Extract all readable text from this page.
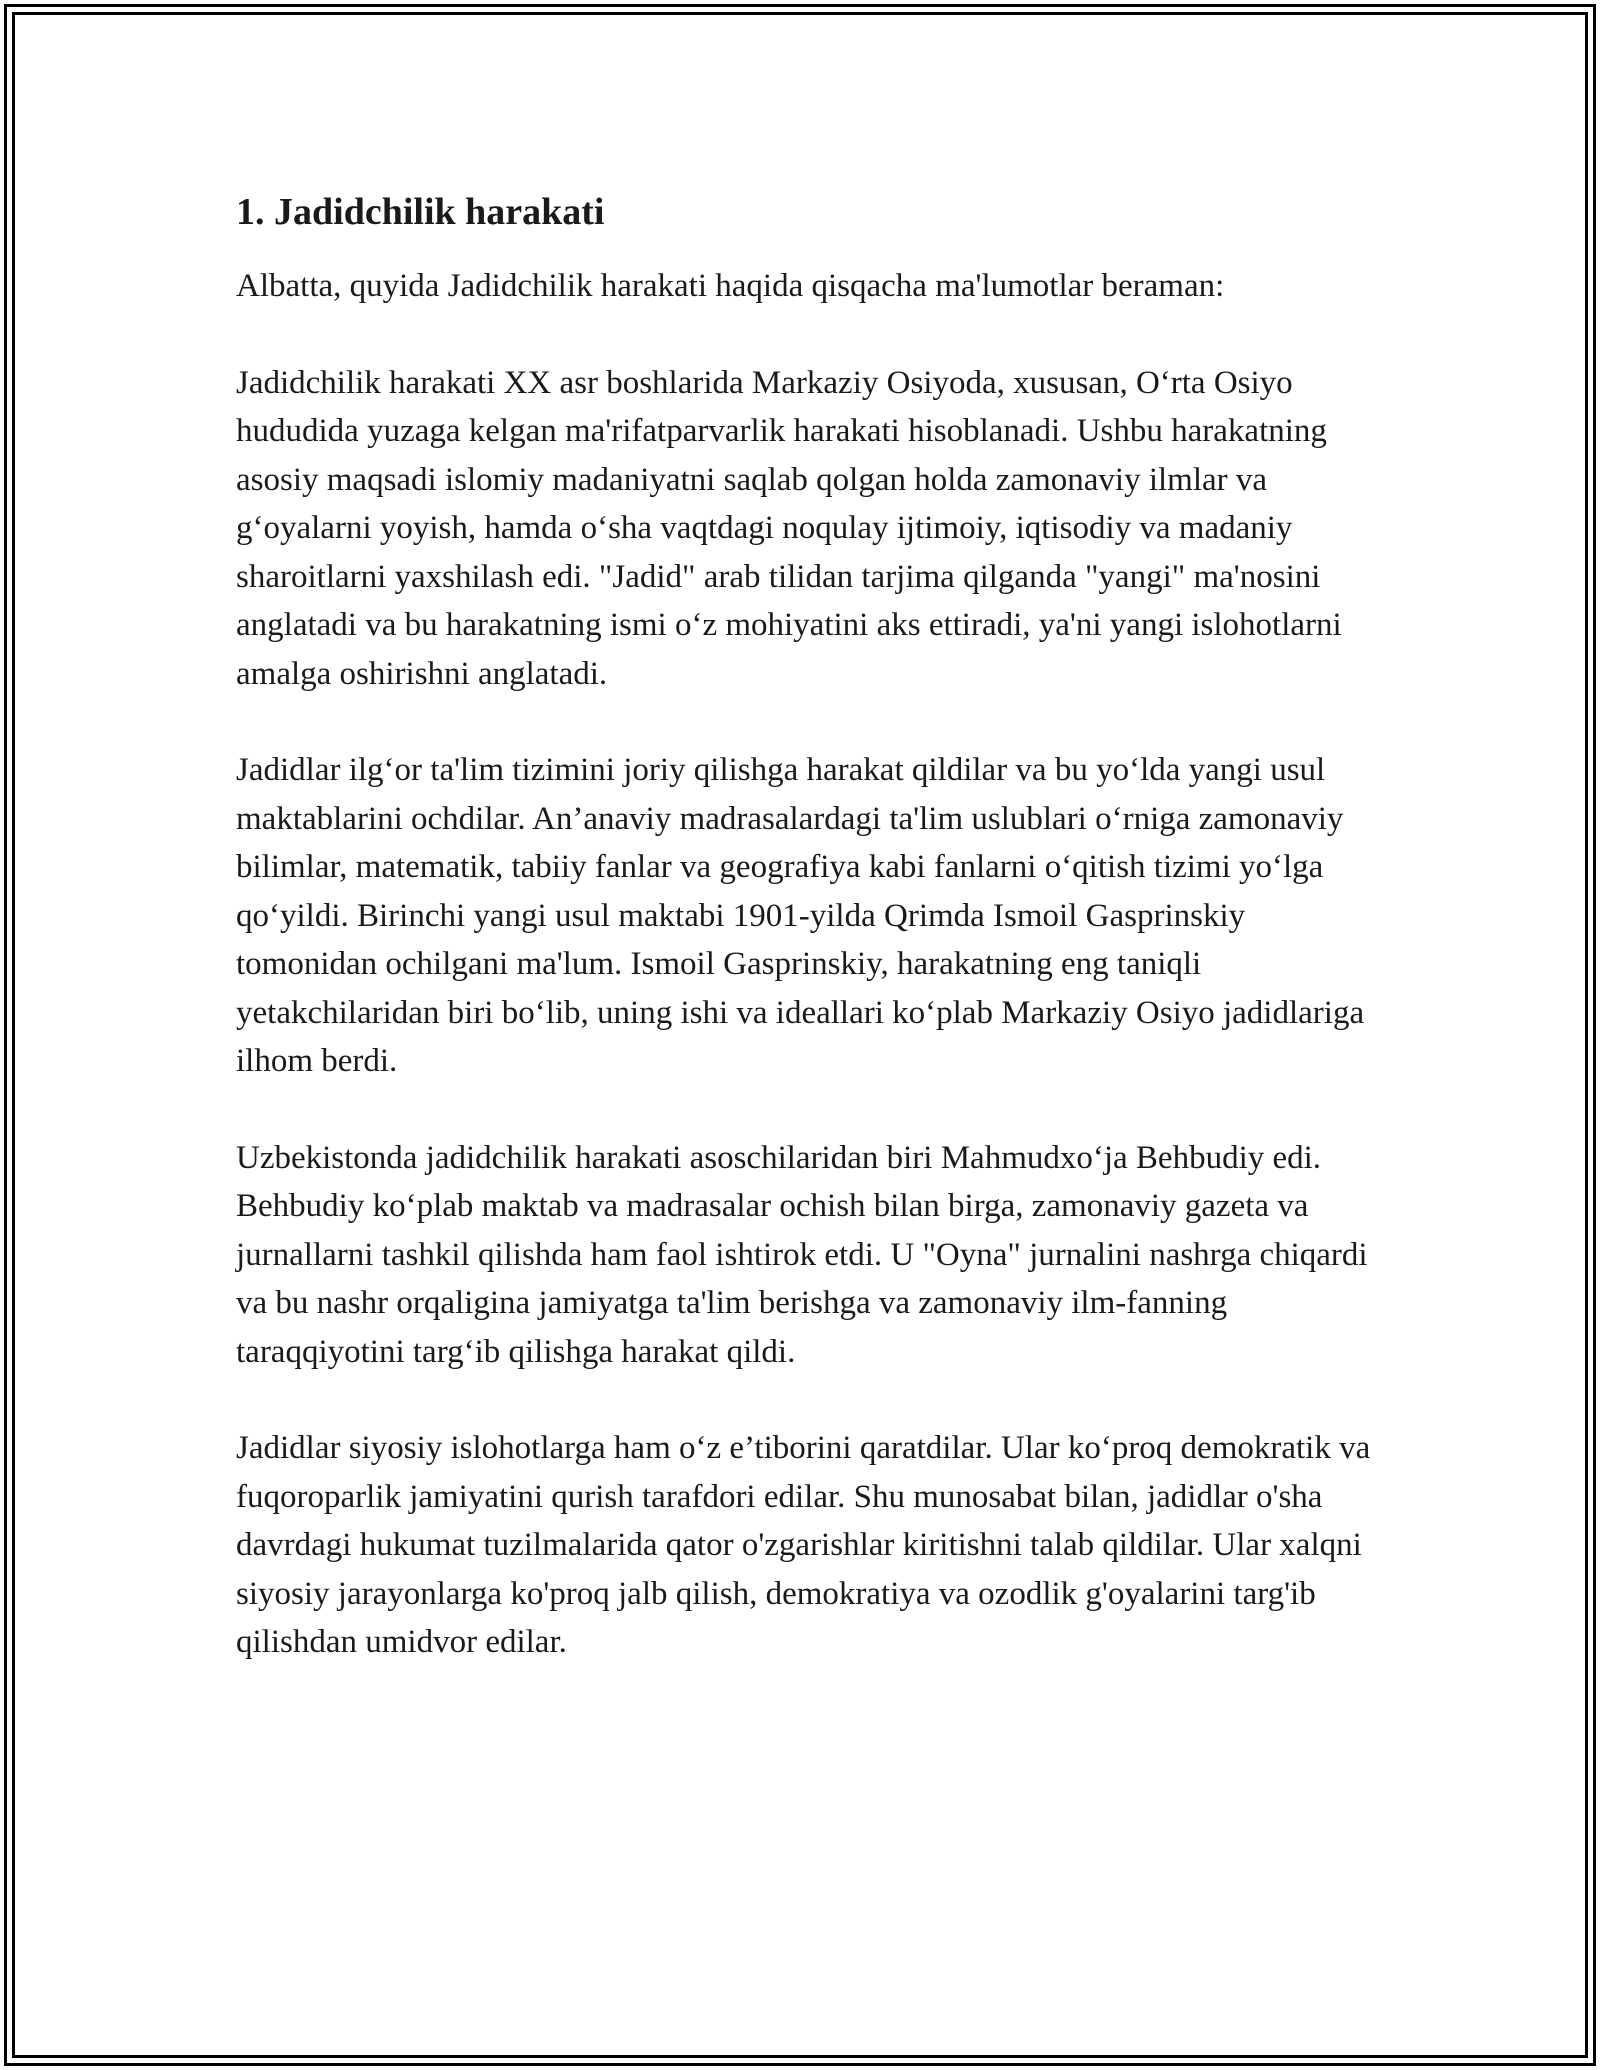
1. Jadidchilik harakati

Albatta, quyida Jadidchilik harakati haqida qisqacha ma'lumotlar beraman:

Jadidchilik harakati XX asr boshlarida Markaziy Osiyoda, xususan, O‘rta Osiyo hududida yuzaga kelgan ma'rifatparvarlik harakati hisoblanadi. Ushbu harakatning asosiy maqsadi islomiy madaniyatni saqlab qolgan holda zamonaviy ilmlar va g‘oyalarni yoyish, hamda o‘sha vaqtdagi noqulay ijtimoiy, iqtisodiy va madaniy sharoitlarni yaxshilash edi. "Jadid" arab tilidan tarjima qilganda "yangi" ma'nosini anglatadi va bu harakatning ismi o‘z mohiyatini aks ettiradi, ya'ni yangi islohotlarni amalga oshirishni anglatadi.

Jadidlar ilg‘or ta'lim tizimini joriy qilishga harakat qildilar va bu yo‘lda yangi usul maktablarini ochdilar. An’anaviy madrasalardagi ta'lim uslublari o‘rniga zamonaviy bilimlar, matematik, tabiiy fanlar va geografiya kabi fanlarni o‘qitish tizimi yo‘lga qo‘yildi. Birinchi yangi usul maktabi 1901-yilda Qrimda Ismoil Gasprinskiy tomonidan ochilgani ma'lum. Ismoil Gasprinskiy, harakatning eng taniqli yetakchilaridan biri bo‘lib, uning ishi va ideallari ko‘plab Markaziy Osiyo jadidlariga ilhom berdi.

Uzbekistonda jadidchilik harakati asoschilaridan biri Mahmudxo‘ja Behbudiy edi. Behbudiy ko‘plab maktab va madrasalar ochish bilan birga, zamonaviy gazeta va jurnallarni tashkil qilishda ham faol ishtirok etdi. U "Oyna" jurnalini nashrga chiqardi va bu nashr orqaligina jamiyatga ta'lim berishga va zamonaviy ilm-fanning taraqqiyotini targ‘ib qilishga harakat qildi.

Jadidlar siyosiy islohotlarga ham o‘z e’tiborini qaratdilar. Ular ko‘proq demokratik va fuqoroparlik jamiyatini qurish tarafdori edilar. Shu munosabat bilan, jadidlar o'sha davrdagi hukumat tuzilmalarida qator o'zgarishlar kiritishni talab qildilar. Ular xalqni siyosiy jarayonlarga ko'proq jalb qilish, demokratiya va ozodlik g'oyalarini targ'ib qilishdan umidvor edilar.
